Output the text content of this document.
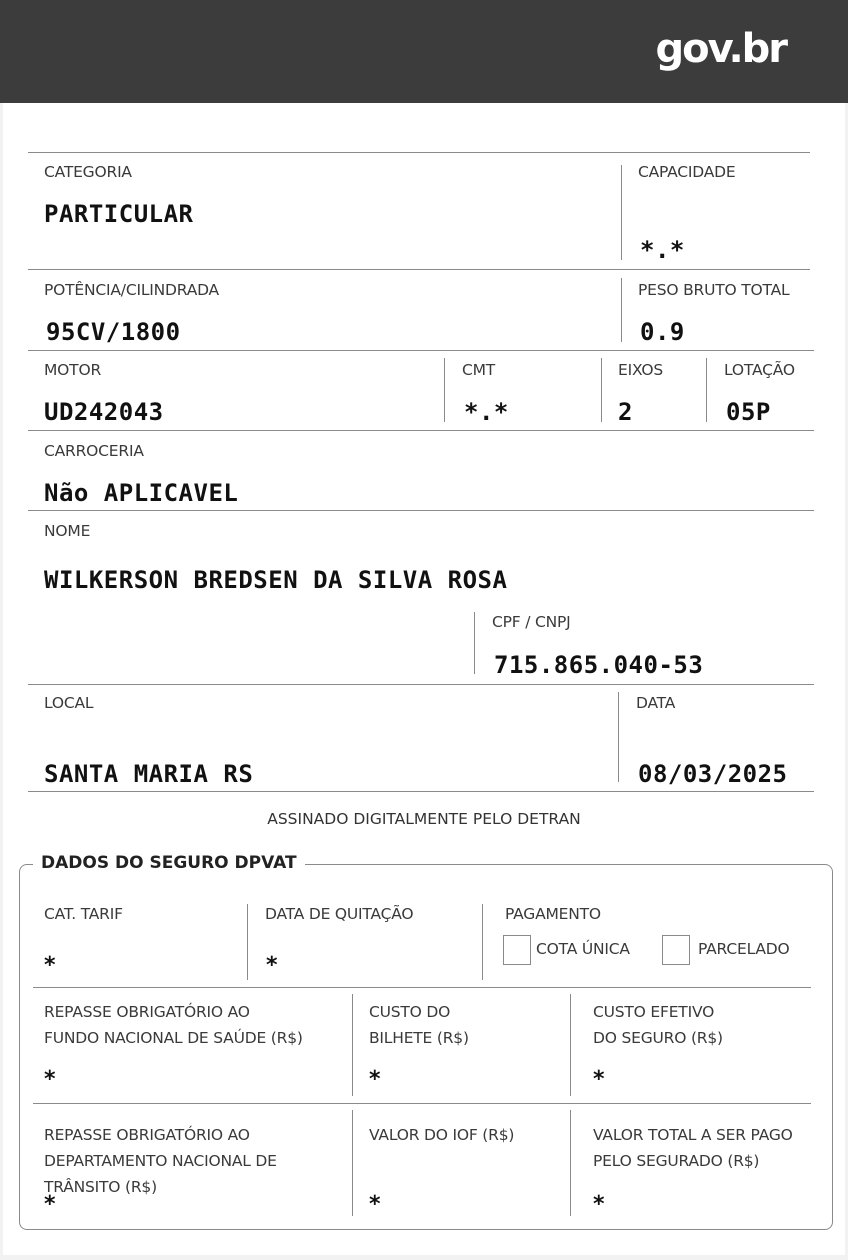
gov.br
CATEGORIA
PARTICULAR
CAPACIDADE
*.*
POTÊNCIA/CILINDRADA
95CV/1800
PESO BRUTO TOTAL
0.9
MOTOR
UD242043
CMT
*.*
EIXOS
2
LOTAÇÃO
05P
CARROCERIA
Não APLICAVEL
NOME
WILKERSON BREDSEN DA SILVA ROSA
CPF / CNPJ
715.865.040-53
LOCAL
SANTA MARIA RS
DATA
08/03/2025
ASSINADO DIGITALMENTE PELO DETRAN
DADOS DO SEGURO DPVAT
CAT. TARIF
*
DATA DE QUITAÇÃO
*
PAGAMENTO
COTA ÚNICA	PARCELADO
REPASSE OBRIGATÓRIO AO
FUNDO NACIONAL DE SAÚDE (R$)
*
CUSTO DO
BILHETE (R$)
*
CUSTO EFETIVO
DO SEGURO (R$)
*
REPASSE OBRIGATÓRIO AO
DEPARTAMENTO NACIONAL DE
TRÂNSITO (R$)
*
VALOR DO IOF (R$)
*
VALOR TOTAL A SER PAGO
PELO SEGURADO (R$)
*
